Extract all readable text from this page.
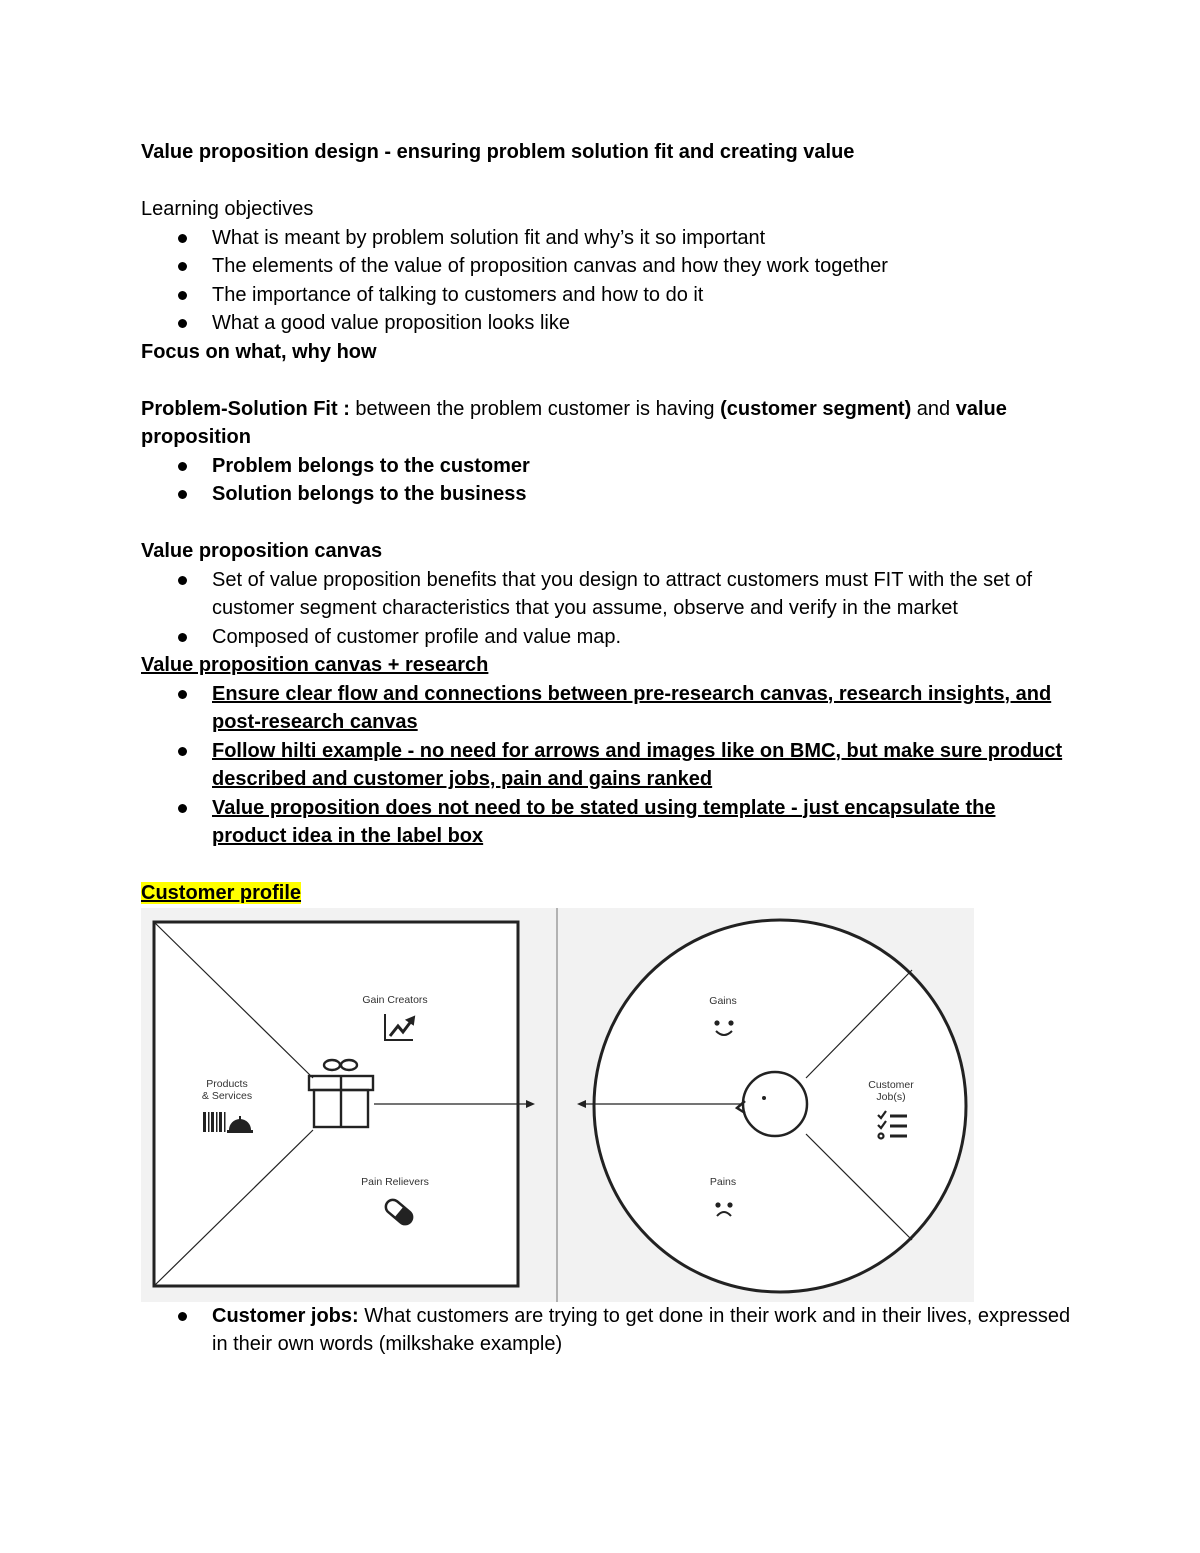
Value proposition design - ensuring problem solution fit and creating value
Learning objectives
What is meant by problem solution fit and why’s it so important
The elements of the value of proposition canvas and how they work together
The importance of talking to customers and how to do it
What a good value proposition looks like
Focus on what, why how
Problem-Solution Fit : between the problem customer is having (customer segment) and value proposition
Problem belongs to the customer
Solution belongs to the business
Value proposition canvas
Set of value proposition benefits that you design to attract customers must FIT with the set of customer segment characteristics that you assume, observe and verify in the market
Composed of customer profile and value map.
Value proposition canvas + research
Ensure clear flow and connections between pre-research canvas, research insights, and post-research canvas
Follow hilti example - no need for arrows and images like on BMC, but make sure product described and customer jobs, pain and gains ranked
Value proposition does not need to be stated using template - just encapsulate the product idea in the label box
Customer profile
Gain Creators
Products
& Services
Pain Relievers
Gains
Customer
Job(s)
Pains
Customer jobs: What customers are trying to get done in their work and in their lives, expressed in their own words (milkshake example)
